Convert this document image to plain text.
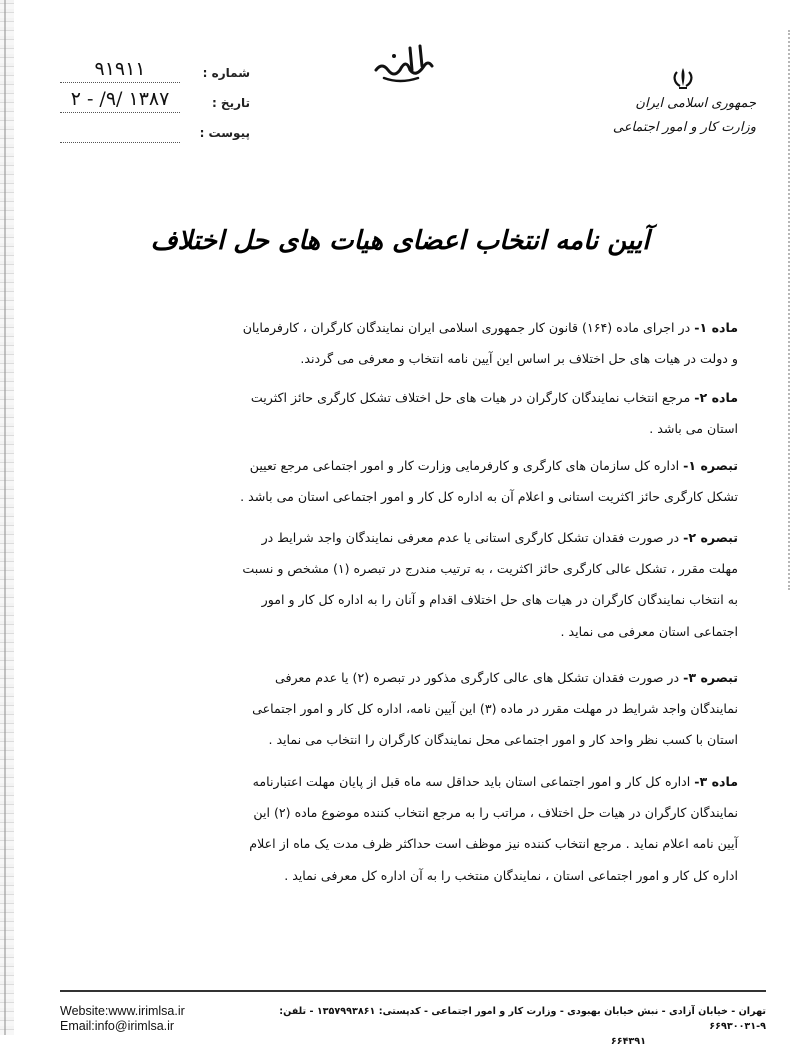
۹۱۹۱۱	شماره :
۱۳۸۷ /۹/ - ۲	تاریخ :
پیوست :
جمهوری اسلامی ایران
وزارت کار و امور اجتماعی
آیین نامه انتخاب اعضای هیات های حل اختلاف
ماده ۱- در اجرای ماده (۱۶۴) قانون کار جمهوری اسلامی ایران نمایندگان کارگران ، کارفرمایان
و دولت در هیات های حل اختلاف بر اساس این آیین نامه انتخاب و معرفی می گردند.
ماده ۲- مرجع انتخاب نمایندگان کارگران در هیات های حل اختلاف تشکل کارگری حائز اکثریت
استان می باشد .
تبصره ۱- اداره کل سازمان های کارگری و کارفرمایی وزارت کار و امور اجتماعی مرجع تعیین
تشکل کارگری حائز اکثریت استانی و اعلام آن به اداره کل کار و امور اجتماعی استان می باشد .
تبصره ۲- در صورت فقدان تشکل کارگری استانی یا عدم معرفی نمایندگان واجد شرایط در
مهلت مقرر ، تشکل عالی کارگری حائز اکثریت ، به ترتیب مندرج در تبصره (۱) مشخص و نسبت
به انتخاب نمایندگان کارگران در هیات های حل اختلاف اقدام و آنان را به اداره کل کار و امور
اجتماعی استان معرفی می نماید .
تبصره ۳- در صورت فقدان تشکل های عالی کارگری مذکور در تبصره (۲) یا عدم معرفی
نمایندگان واجد شرایط در مهلت مقرر در ماده (۳) این آیین نامه، اداره کل کار و امور اجتماعی
استان با کسب نظر واحد کار و امور اجتماعی محل نمایندگان کارگران را انتخاب می نماید .
ماده ۳- اداره کل کار و امور اجتماعی استان باید حداقل سه ماه قبل از پایان مهلت اعتبارنامه
نمایندگان کارگران در هیات حل اختلاف ، مراتب را به مرجع انتخاب کننده موضوع ماده (۲) این
آیین نامه اعلام نماید . مرجع انتخاب کننده نیز موظف است حداکثر ظرف مدت یک ماه از اعلام
اداره کل کار و امور اجتماعی استان ، نمایندگان منتخب را به آن اداره کل معرفی نماید .
Website:www.irimlsa.ir
Email:info@irimlsa.ir
تهران - خیابان آزادی - نبش خیابان بهبودی - وزارت کار و امور اجتماعی - کدپستی: ۱۳۵۷۹۹۳۸۶۱ - تلفن: ۹-۶۶۹۳۰۰۳۱
۶۶۴۳۹۱
